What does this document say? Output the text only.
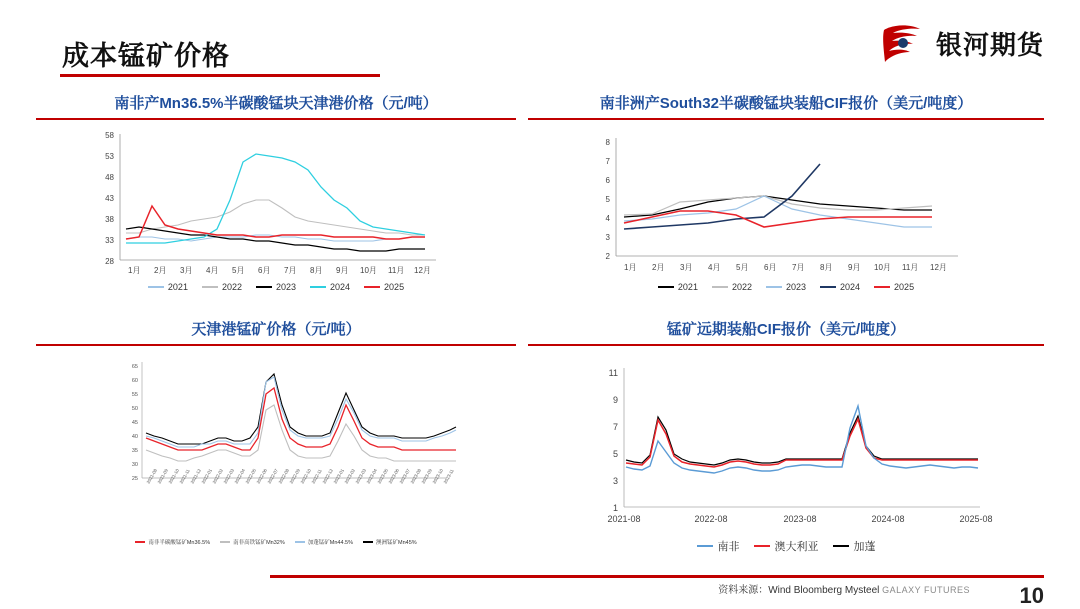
成本锰矿价格	银河期货
南非产Mn36.5%半碳酸锰块天津港价格（元/吨）
58
53
48
43
38
33
28
1月 2月 3月 4月 5月 6月 7月 8月 9月 10月 11月 12月
2021	2022	2023	2024	2025
南非洲产South32半碳酸锰块装船CIF报价（美元/吨度）
8
7
6
5
4
3
2
1月 2月 3月 4月 5月 6月 7月 8月 9月 10月 11月 12月
2021	2022	2023	2024	2025
天津港锰矿价格（元/吨）
65
60
55
50
45
40
35
30
25 2021-08
2021-09
2021-10
2021-11
2021-12
2022-01
2022-02
2022-03
2022-04
2022-05
2022-06
2022-07
2022-08
2022-09
2022-10
2022-11
2022-12
2023-01
2023-02
2023-03
2023-04
2023-05
2023-06
2023-07
2023-08
2023-09
2023-10
2023-11
南非半碳酸锰矿Mn36.5%	南非高铁锰矿Mn32%	加蓬锰矿Mn44.5%	澳洲锰矿Mn45%
锰矿远期装船CIF报价（美元/吨度）
11
9
7
5
3
1
2021-08	2022-08	2023-08	2024-08	2025-08
南非	澳大利亚	加蓬
资料来源：Wind Bloomberg Mysteel GALAXY FUTURES 10
